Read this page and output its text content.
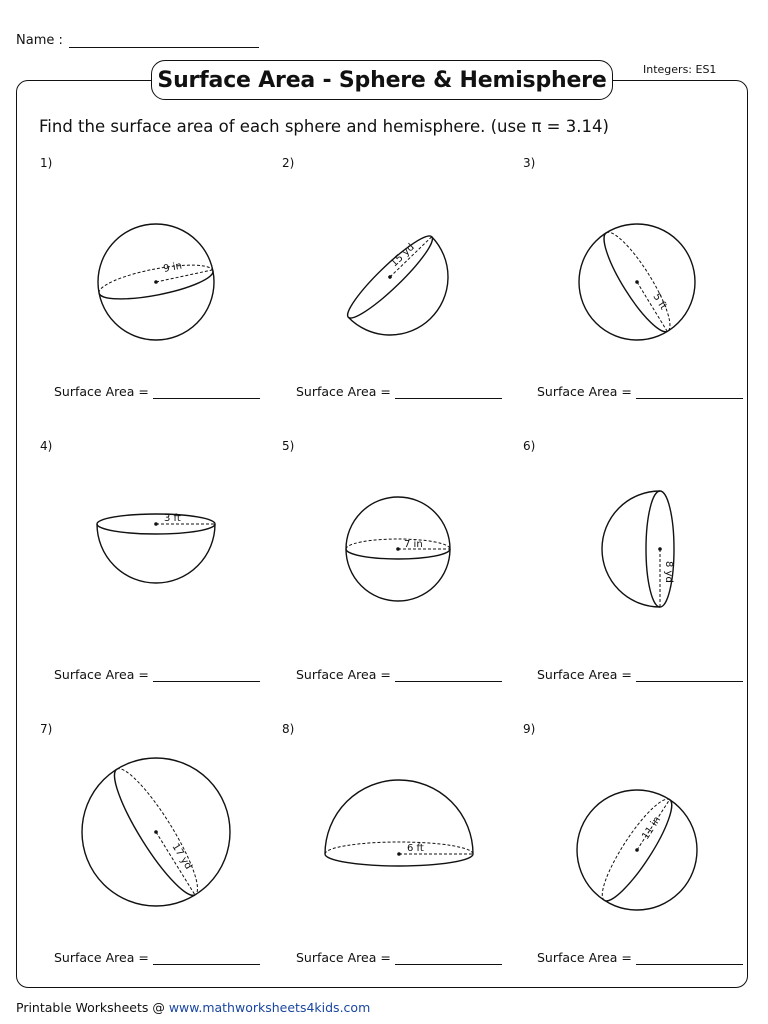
Name :
Surface Area - Sphere & Hemisphere	Integers: ES1
Find the surface area of each sphere and hemisphere. (use π = 3.14)
1)
9 in
Surface Area =
2)
15 yd
Surface Area =
3)
5 ft
Surface Area =
4)
3 ft
Surface Area =
5)
7 in
Surface Area =
6)
8 yd
Surface Area =
7)
17 yd
Surface Area =
8)
6 ft
Surface Area =
9)
11 in
Surface Area =
Printable Worksheets @ www.mathworksheets4kids.com
